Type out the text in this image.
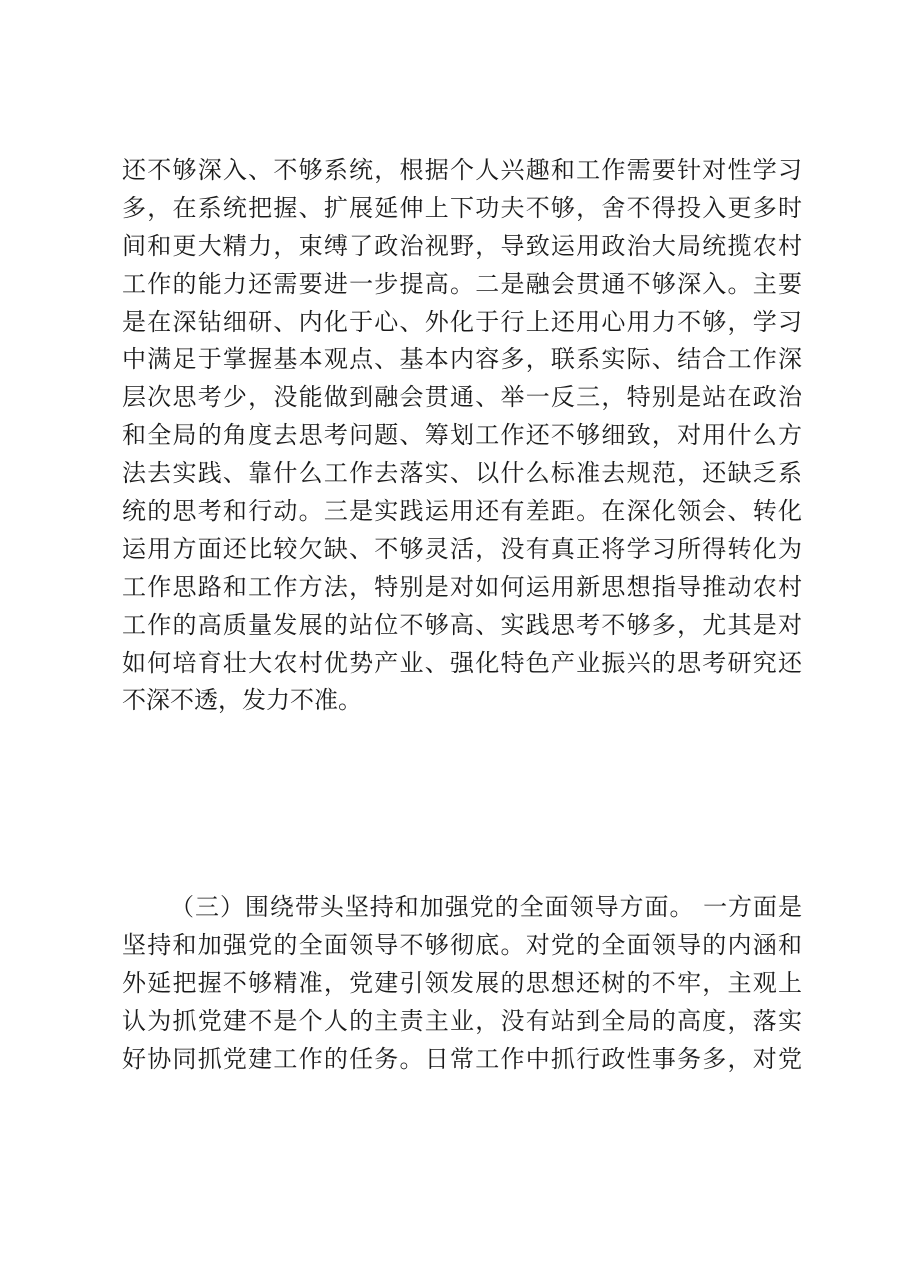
还不够深入、不够系统，根据个人兴趣和工作需要针对性学习
多，在系统把握、扩展延伸上下功夫不够，舍不得投入更多时
间和更大精力，束缚了政治视野，导致运用政治大局统揽农村
工作的能力还需要进一步提高。二是融会贯通不够深入。主要
是在深钻细研、内化于心、外化于行上还用心用力不够，学习
中满足于掌握基本观点、基本内容多，联系实际、结合工作深
层次思考少，没能做到融会贯通、举一反三，特别是站在政治
和全局的角度去思考问题、筹划工作还不够细致，对用什么方
法去实践、靠什么工作去落实、以什么标准去规范，还缺乏系
统的思考和行动。三是实践运用还有差距。在深化领会、转化
运用方面还比较欠缺、不够灵活，没有真正将学习所得转化为
工作思路和工作方法，特别是对如何运用新思想指导推动农村
工作的高质量发展的站位不够高、实践思考不够多，尤其是对
如何培育壮大农村优势产业、强化特色产业振兴的思考研究还
不深不透，发力不准。
（三）围绕带头坚持和加强党的全面领导方面。 一方面是
坚持和加强党的全面领导不够彻底。对党的全面领导的内涵和
外延把握不够精准，党建引领发展的思想还树的不牢，主观上
认为抓党建不是个人的主责主业，没有站到全局的高度，落实
好协同抓党建工作的任务。日常工作中抓行政性事务多，对党
